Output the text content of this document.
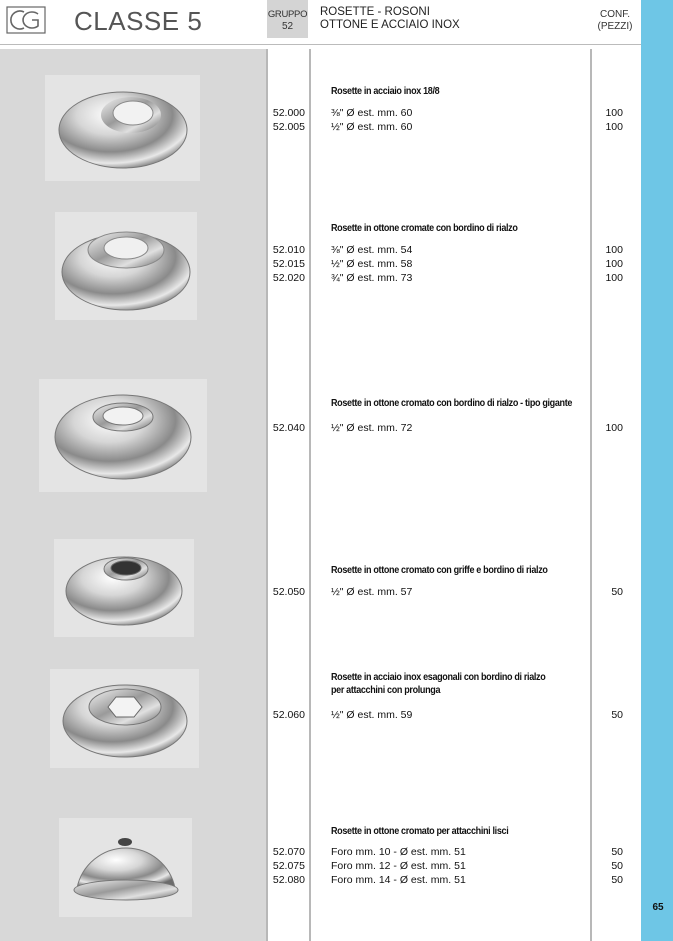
CLASSE 5	GRUPPO
52
ROSETTE - ROSONI
OTTONE E ACCIAIO INOX
CONF.
(PEZZI)
Rosette in acciaio inox 18/8
52.000 ⅜" Ø est. mm. 60	100
52.005 ½" Ø est. mm. 60	100
Rosette in ottone cromate con bordino di rialzo
52.010 ⅜" Ø est. mm. 54	100
52.015 ½" Ø est. mm. 58	100
52.020 ¾" Ø est. mm. 73	100
Rosette in ottone cromato con bordino di rialzo - tipo gigante
52.040 ½" Ø est. mm. 72	100
Rosette in ottone cromato con griffe e bordino di rialzo
52.050 ½" Ø est. mm. 57	50
Rosette in acciaio inox esagonali con bordino di rialzo
per attacchini con prolunga
52.060 ½" Ø est. mm. 59	50
Rosette in ottone cromato per attacchini lisci
52.070 Foro mm. 10 - Ø est. mm. 51	50
52.075 Foro mm. 12 - Ø est. mm. 51	50
52.080 Foro mm. 14 - Ø est. mm. 51	50
65
